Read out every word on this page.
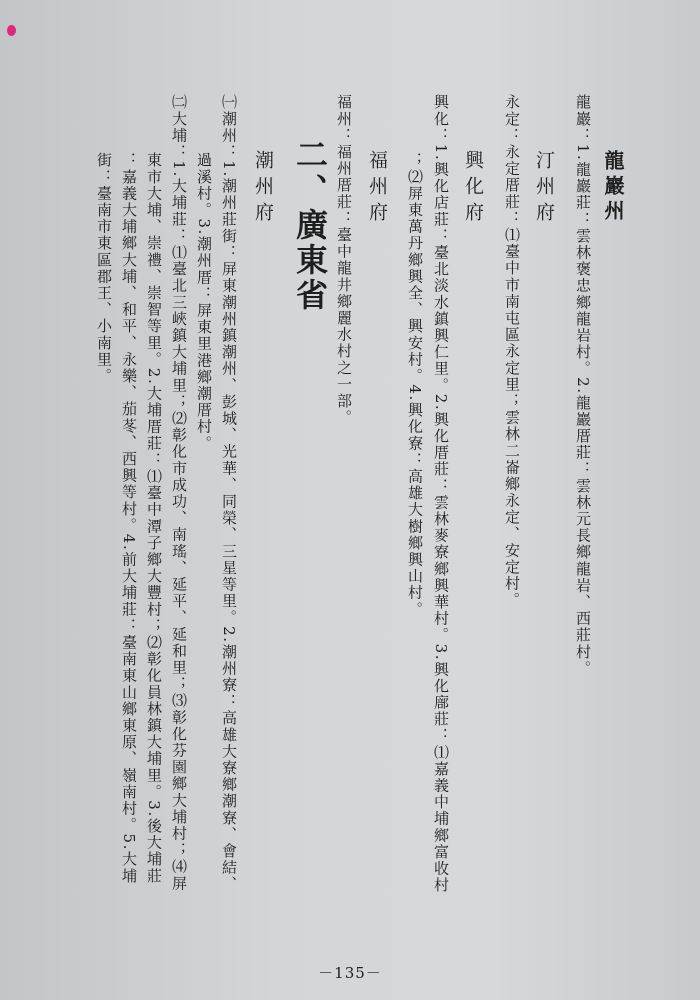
龍巖州
龍巖：1.龍巖莊：雲林褒忠鄉龍岩村。2.龍巖厝莊：雲林元長鄉龍岩、西莊村。
汀州府
永定：永定厝莊：⑴臺中市南屯區永定里；雲林二崙鄉永定、安定村。
興化府
興化：1.興化店莊：臺北淡水鎮興仁里。2.興化厝莊：雲林麥寮鄉興華村。3.興化廍莊：⑴嘉義中埔鄉富收村
；⑵屏東萬丹鄉興全、興安村。4.興化寮：高雄大樹鄉興山村。
福州府
福州：福州厝莊：臺中龍井鄉麗水村之一部。
二、廣東省
潮州府
㈠潮州：1.潮州莊街：屏東潮州鎮潮州、彭城、光華、同榮、三星等里。2.潮州寮：高雄大寮鄉潮寮、會結、
過溪村。3.潮州厝：屏東里港鄉潮厝村。
㈡大埔：1.大埔莊：⑴臺北三峽鎮大埔里；⑵彰化市成功、南瑤、延平、延和里；⑶彰化芬園鄉大埔村；⑷屏
東市大埔、崇禮、崇智等里。2.大埔厝莊：⑴臺中潭子鄉大豐村；⑵彰化員林鎮大埔里。3.後大埔莊
：嘉義大埔鄉大埔、和平、永樂、茄苳、西興等村。4.前大埔莊：臺南東山鄉東原、嶺南村。5.大埔
街：臺南市東區郡王、小南里。
－135－
